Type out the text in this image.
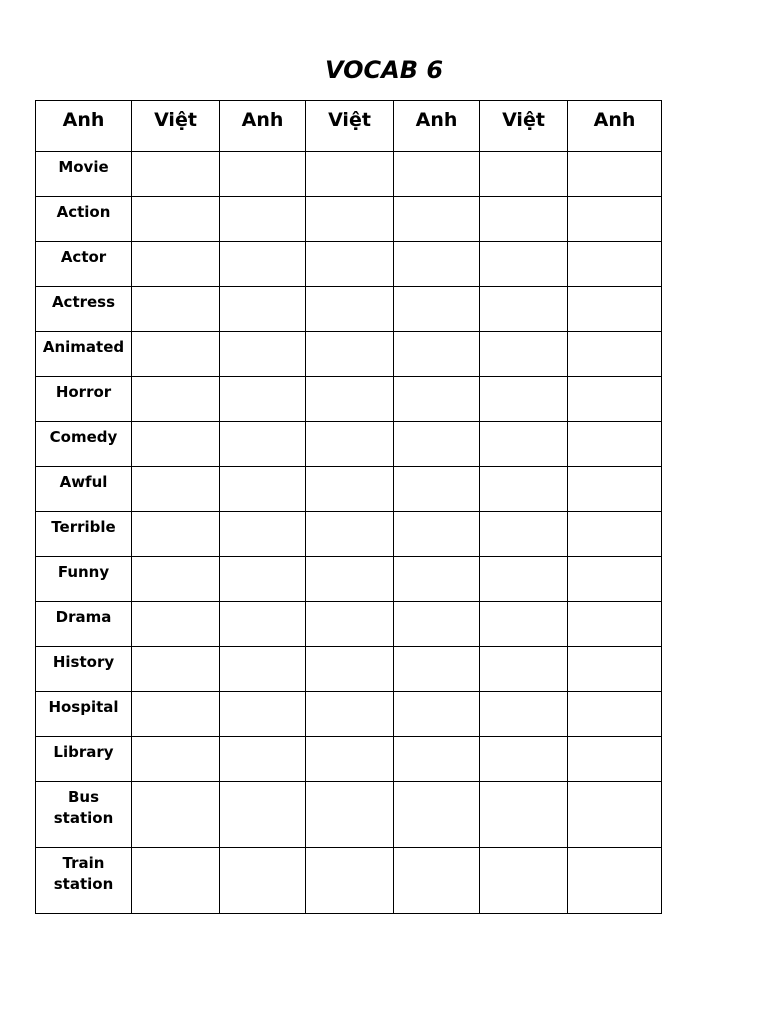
VOCAB 6
Anh	Việt	Anh	Việt	Anh	Việt	Anh
Movie						
Action						
Actor						
Actress						
Animated						
Horror						
Comedy						
Awful						
Terrible						
Funny						
Drama						
History						
Hospital						
Library						
Bus station						
Train station						
